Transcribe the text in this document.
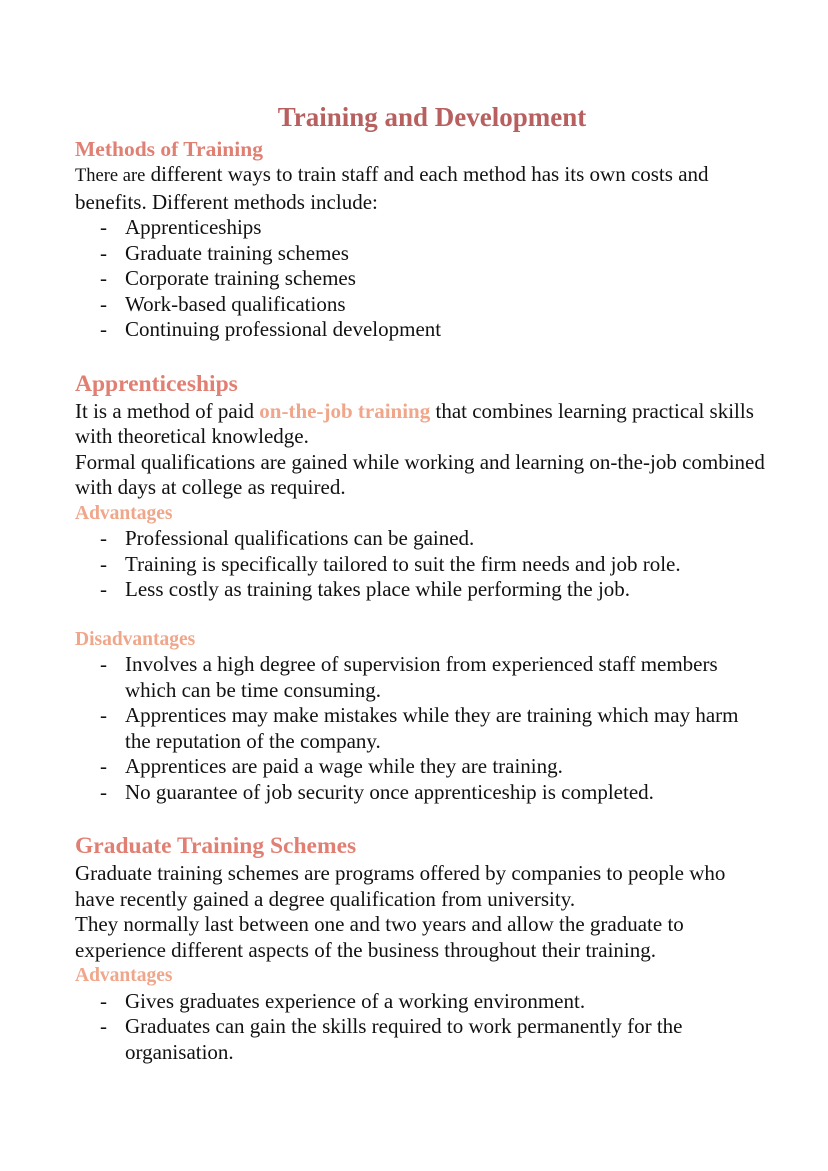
Training and Development
Methods of Training

There are different ways to train staff and each method has its own costs and benefits. Different methods include:

- Apprenticeships
- Graduate training schemes
- Corporate training schemes
- Work-based qualifications
- Continuing professional development
Apprenticeships

It is a method of paid on-the-job training that combines learning practical skills with theoretical knowledge.

Formal qualifications are gained while working and learning on-the-job combined with days at college as required.

Advantages
- Professional qualifications can be gained.
- Training is specifically tailored to suit the firm needs and job role.
- Less costly as training takes place while performing the job.
Disadvantages
- Involves a high degree of supervision from experienced staff members which can be time consuming.
- Apprentices may make mistakes while they are training which may harm the reputation of the company.
- Apprentices are paid a wage while they are training.
- No guarantee of job security once apprenticeship is completed.
Graduate Training Schemes

Graduate training schemes are programs offered by companies to people who have recently gained a degree qualification from university.

They normally last between one and two years and allow the graduate to experience different aspects of the business throughout their training.

Advantages
- Gives graduates experience of a working environment.
- Graduates can gain the skills required to work permanently for the organisation.
